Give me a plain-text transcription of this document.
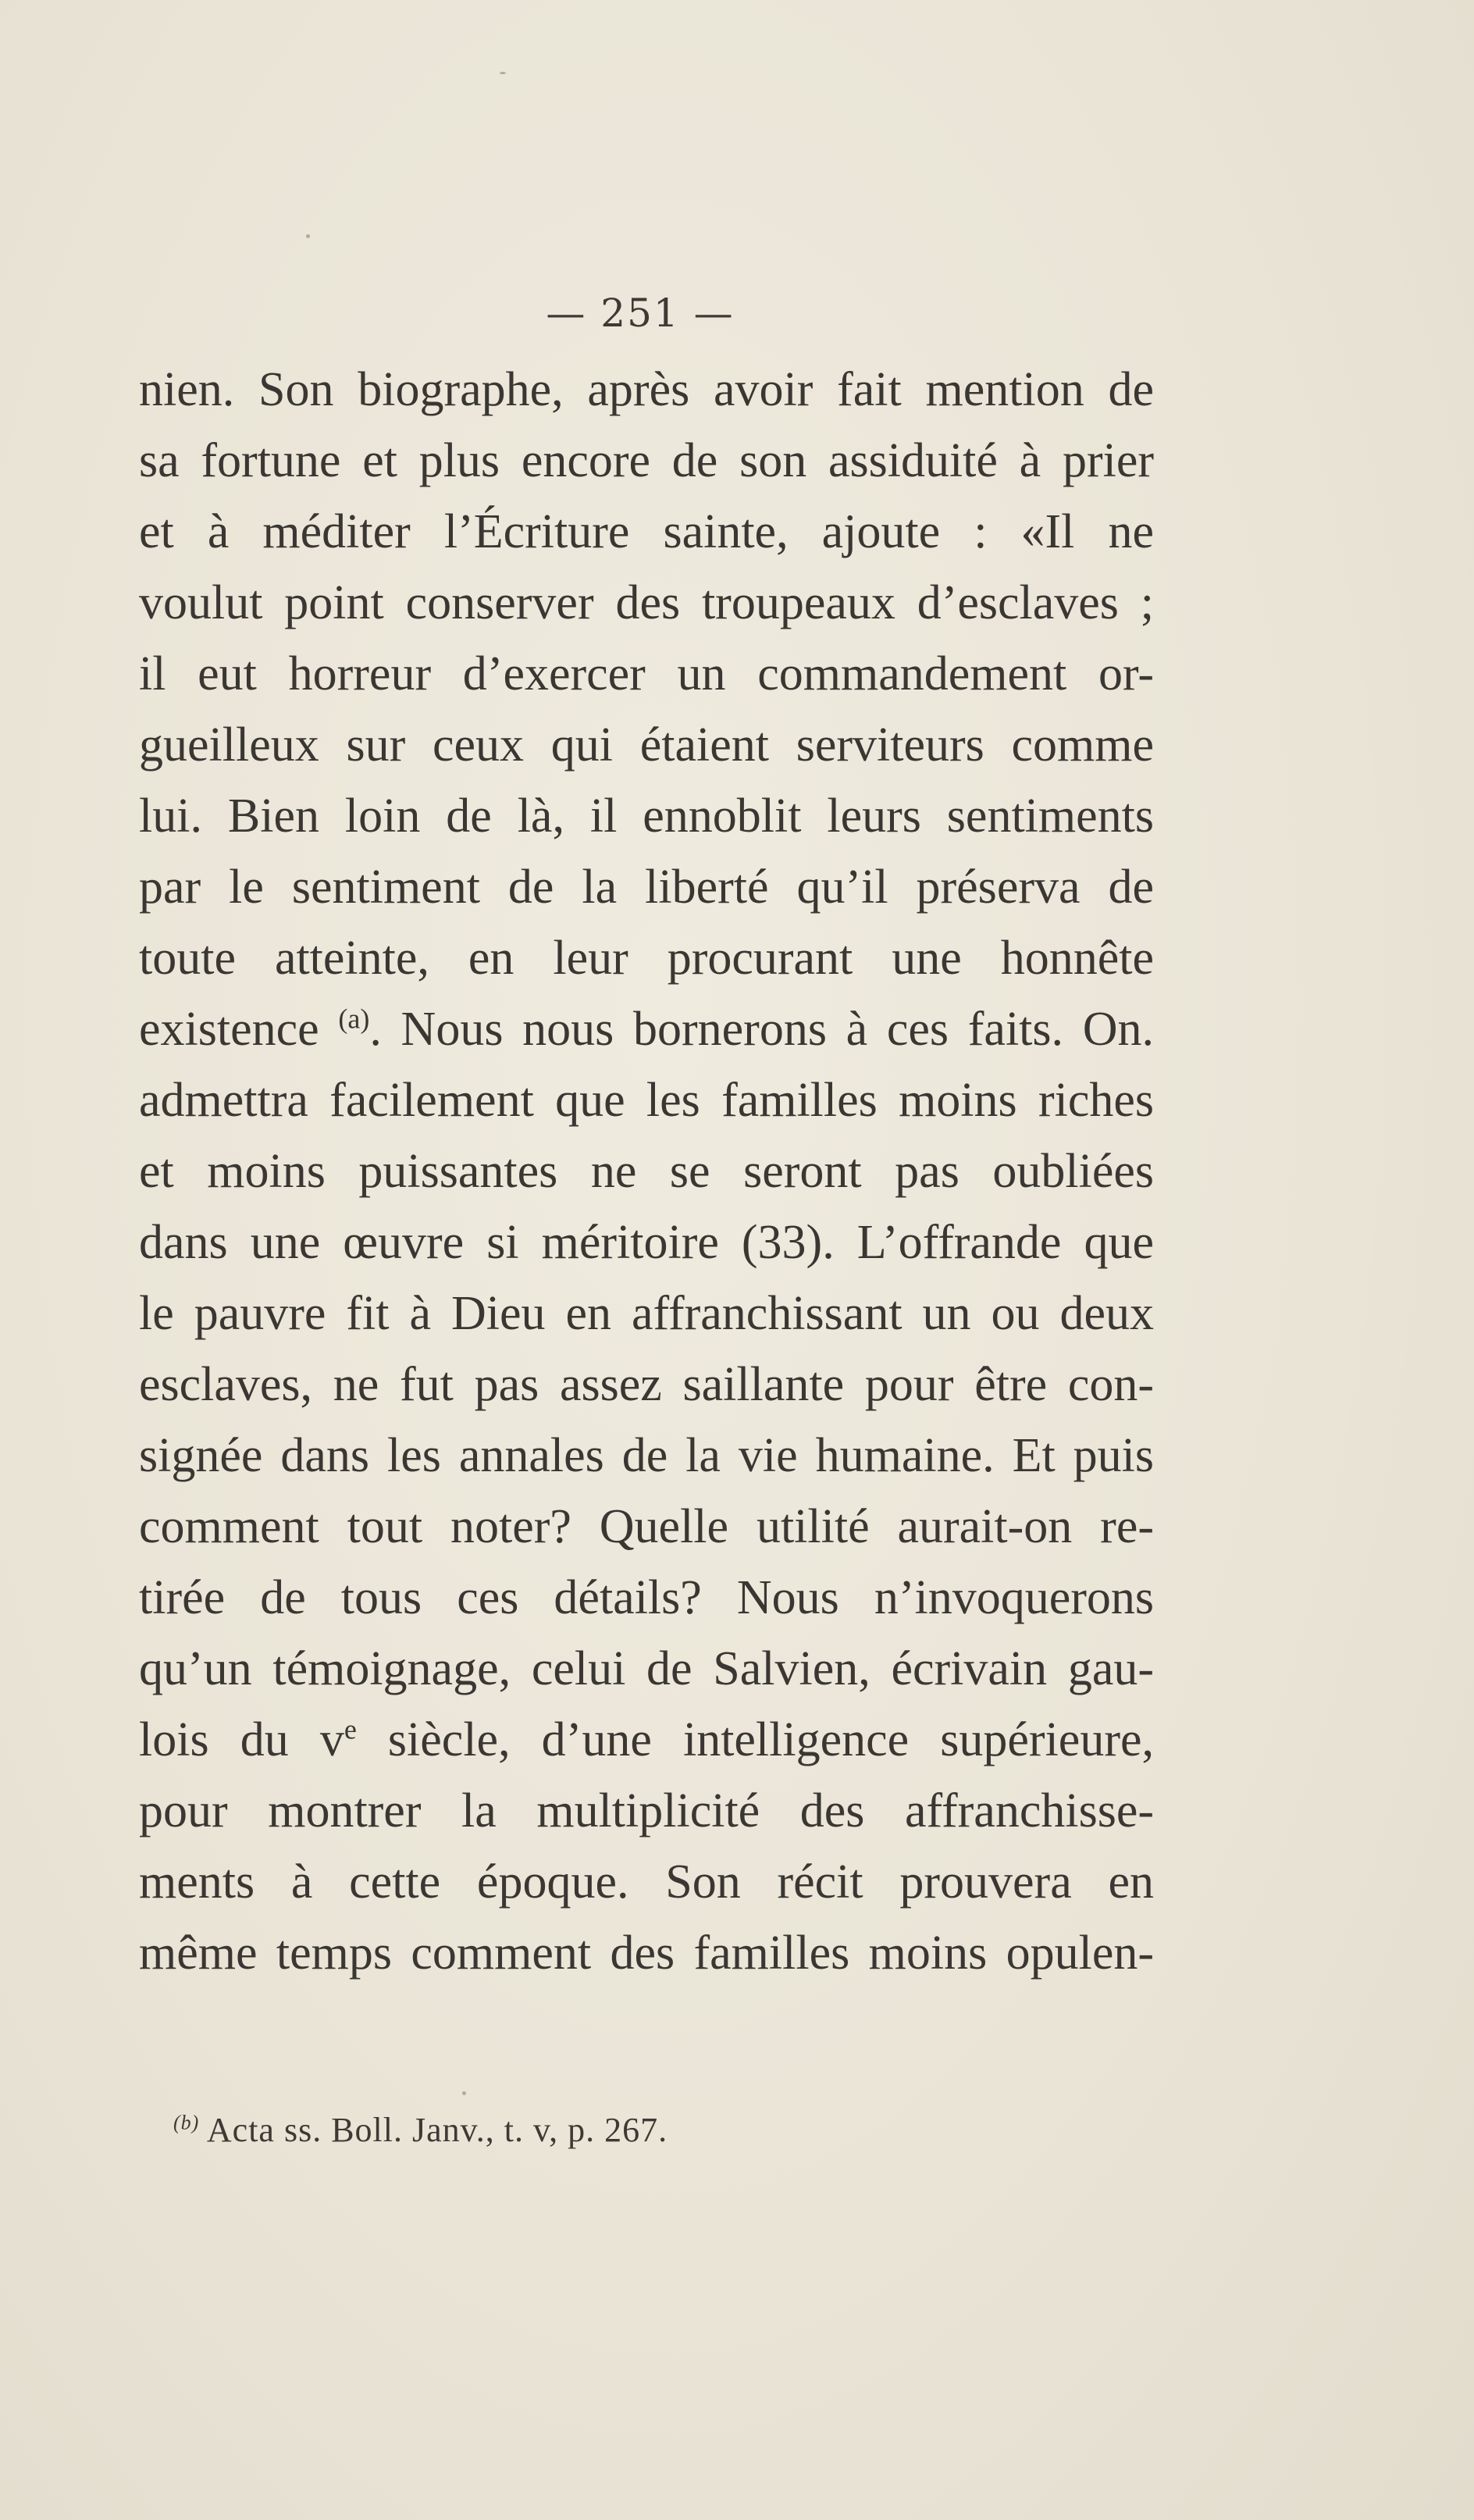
— 251 —
nien. Son biographe, après avoir fait mention de
sa fortune et plus encore de son assiduité à prier
et à méditer l’Écriture sainte, ajoute : «Il ne
voulut point conserver des troupeaux d’esclaves ;
il eut horreur d’exercer un commandement or-
gueilleux sur ceux qui étaient serviteurs comme
lui. Bien loin de là, il ennoblit leurs sentiments
par le sentiment de la liberté qu’il préserva de
toute atteinte, en leur procurant une honnête
existence $^{(a)}$. Nous nous bornerons à ces faits. On.
admettra facilement que les familles moins riches
et moins puissantes ne se seront pas oubliées
dans une œuvre si méritoire (33). L’offrande que
le pauvre fit à Dieu en affranchissant un ou deux
esclaves, ne fut pas assez saillante pour être con-
signée dans les annales de la vie humaine. Et puis
comment tout noter? Quelle utilité aurait-on re-
tirée de tous ces détails? Nous n’invoquerons
qu’un témoignage, celui de Salvien, écrivain gau-
lois du v$^e$ siècle, d’une intelligence supérieure,
pour montrer la multiplicité des affranchisse-
ments à cette époque. Son récit prouvera en
même temps comment des familles moins opulen-
$^{(b)}$ Acta ss. Boll. Janv., t. v, p. 267.
